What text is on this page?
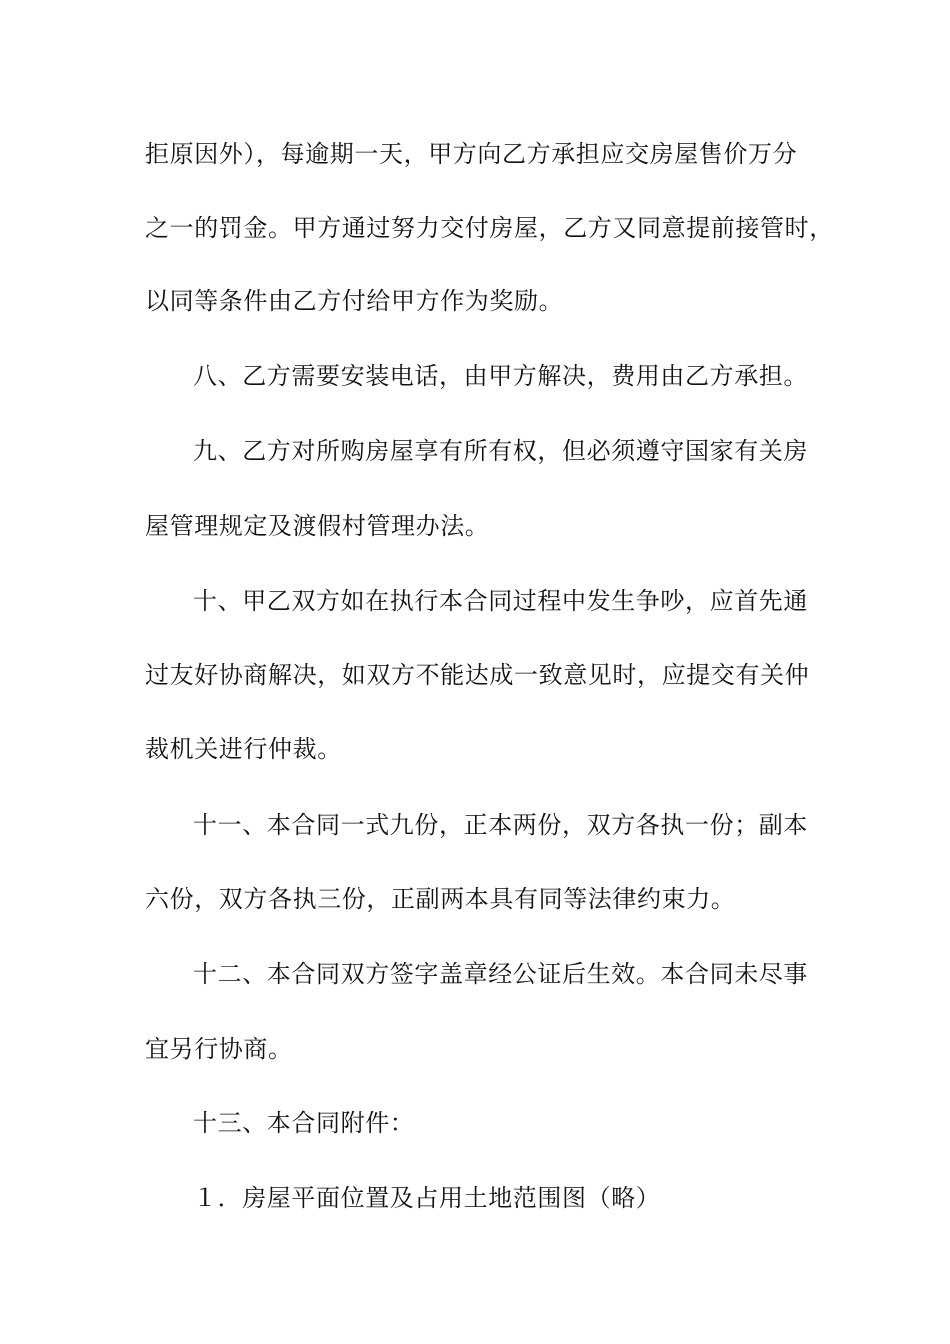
拒原因外），每逾期一天，甲方向乙方承担应交房屋售价万分
之一的罚金。甲方通过努力交付房屋，乙方又同意提前接管时，
以同等条件由乙方付给甲方作为奖励。
八、乙方需要安装电话，由甲方解决，费用由乙方承担。
九、乙方对所购房屋享有所有权，但必须遵守国家有关房
屋管理规定及渡假村管理办法。
十、甲乙双方如在执行本合同过程中发生争吵，应首先通
过友好协商解决，如双方不能达成一致意见时，应提交有关仲
裁机关进行仲裁。
十一、本合同一式九份，正本两份，双方各执一份；副本
六份，双方各执三份，正副两本具有同等法律约束力。
十二、本合同双方签字盖章经公证后生效。本合同未尽事
宜另行协商。
十三、本合同附件：
１．房屋平面位置及占用土地范围图（略）
